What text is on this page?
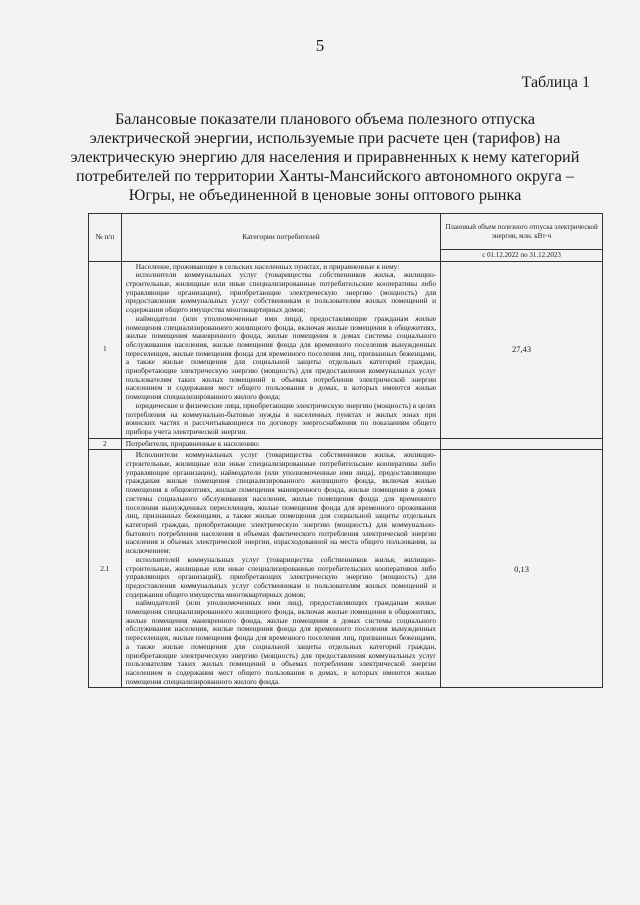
5
Таблица 1
Балансовые показатели планового объема полезного отпуска электрической энергии, используемые при расчете цен (тарифов) на электрическую энергию для населения и приравненных к нему категорий потребителей по территории Ханты-Мансийского автономного округа – Югры, не объединенной в ценовые зоны оптового рынка
№ п/п	Категории потребителей	Плановый объем полезного отпуска электрической энергии, млн. кВт·ч
		с 01.12.2022 по 31.12.2023
1	Население, проживающее в сельских населенных пунктах, и приравненные к нему:

исполнители коммунальных услуг (товарищества собственников жилья, жилищно-строительные, жилищные или иные специализированные потребительские кооперативы либо управляющие организации), приобретающие электрическую энергию (мощность) для предоставления коммунальных услуг собственникам и пользователям жилых помещений и содержания общего имущества многоквартирных домов;

наймодатели (или уполномоченные ими лица), предоставляющие гражданам жилые помещения специализированного жилищного фонда, включая жилые помещения в общежитиях, жилые помещения маневренного фонда, жилые помещения в домах системы социального обслуживания населения, жилые помещения фонда для временного поселения вынужденных переселенцев, жилые помещения фонда для временного поселения лиц, признанных беженцами, а также жилые помещения для социальной защиты отдельных категорий граждан, приобретающие электрическую энергию (мощность) для предоставления коммунальных услуг пользователям таких жилых помещений в объемах потребления электрической энергии населением и содержания мест общего пользования в домах, в которых имеются жилые помещения специализированного жилого фонда;

юридические и физические лица, приобретающие электрическую энергию (мощность) в целях потребления на коммунально-бытовые нужды в населенных пунктах и жилых зонах при воинских частях и рассчитывающиеся по договору энергоснабжения по показаниям общего прибора учета электрической энергии.	27,43
2	Потребители, приравненные к населению:	

2.1	Исполнители коммунальных услуг (товарищества собственников жилья, жилищно-строительные, жилищные или иные специализированные потребительские кооперативы либо управляющие организации), наймодатели (или уполномоченные ими лица), предоставляющие гражданам жилые помещения специализированного жилищного фонда, включая жилые помещения в общежитиях, жилые помещения маневренного фонда, жилые помещения в домах системы социального обслуживания населения, жилые помещения фонда для временного поселения вынужденных переселенцев, жилые помещения фонда для временного проживания лиц, признанных беженцами, а также жилые помещения для социальной защиты отдельных категорий граждан, приобретающие электрическую энергию (мощность) для коммунально-бытового потребления населения в объемах фактического потребления электрической энергии населения и объемах электрической энергии, израсходованной на места общего пользования, за исключением:

исполнителей коммунальных услуг (товарищества собственников жилья, жилищно-строительные, жилищные или иные специализированные потребительских кооперативов либо управляющих организаций), приобретающих электрическую энергию (мощность) для предоставления коммунальных услуг собственникам и пользователям жилых помещений и содержания общего имущества многоквартирных домов;

наймодателей (или уполномоченных ими лиц), предоставляющих гражданам жилые помещения специализированного жилищного фонда, включая жилые помещения в общежитиях, жилые помещения маневренного фонда, жилые помещения в домах системы социального обслуживания населения, жилые помещения фонда для временного поселения вынужденных переселенцев, жилые помещения фонда для временного поселения лиц, признанных беженцами, а также жилые помещения для социальной защиты отдельных категорий граждан, приобретающие электрическую энергию (мощность) для предоставления коммунальных услуг пользователям таких жилых помещений в объемах потребления электрической энергии населением и содержания мест общего пользования в домах, в которых имеются жилые помещения специализированного жилого фонда.	0,13
